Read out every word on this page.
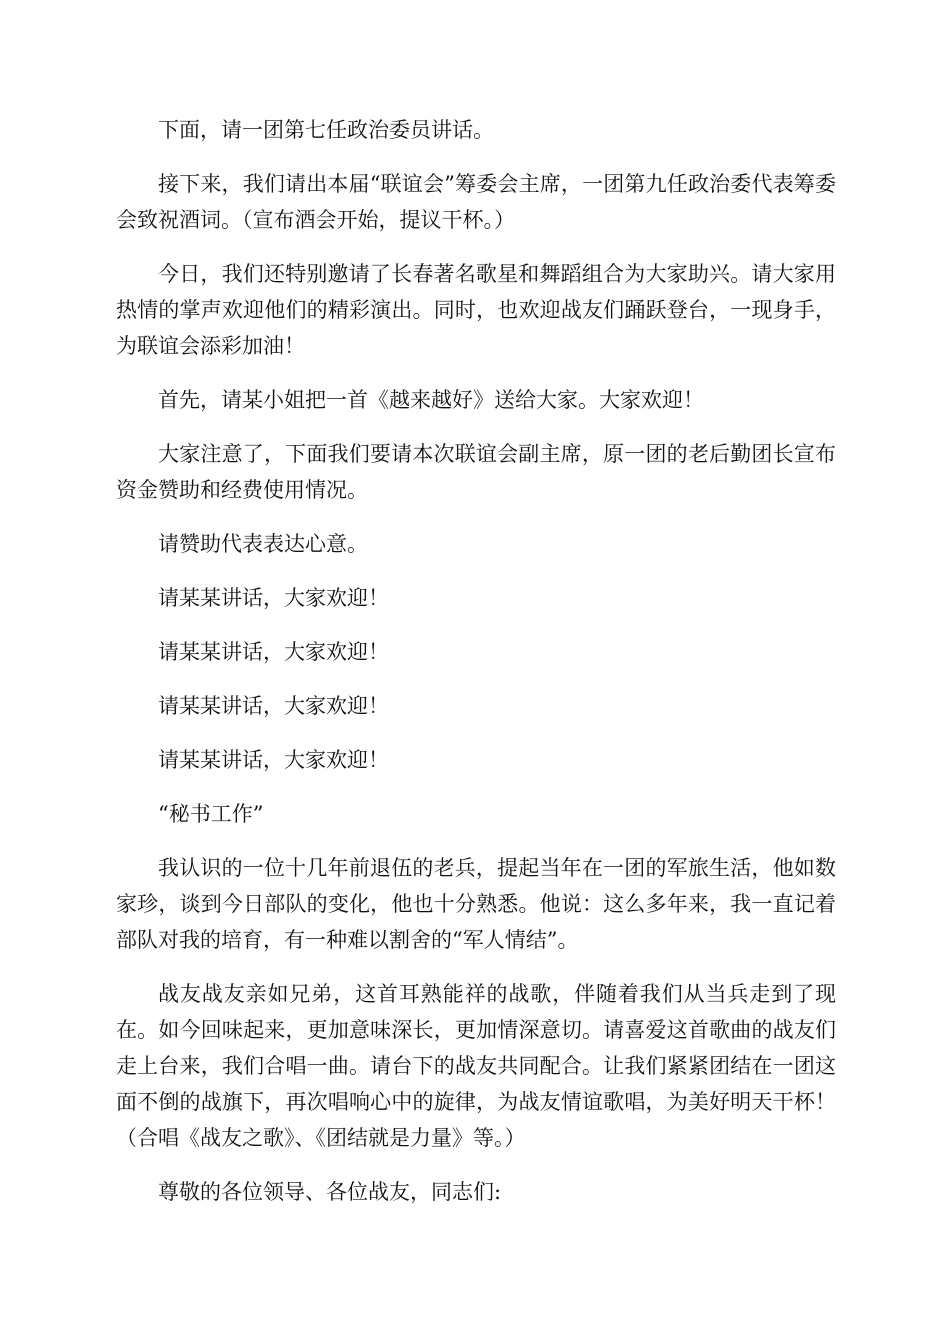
下面，请一团第七任政治委员讲话。

接下来，我们请出本届“联谊会”筹委会主席，一团第九任政治委代表筹委会致祝酒词。（宣布酒会开始，提议干杯。）

今日，我们还特别邀请了长春著名歌星和舞蹈组合为大家助兴。请大家用热情的掌声欢迎他们的精彩演出。同时，也欢迎战友们踊跃登台，一现身手，为联谊会添彩加油！

首先，请某小姐把一首《越来越好》送给大家。大家欢迎！

大家注意了，下面我们要请本次联谊会副主席，原一团的老后勤团长宣布资金赞助和经费使用情况。

请赞助代表表达心意。

请某某讲话，大家欢迎！

请某某讲话，大家欢迎！

请某某讲话，大家欢迎！

请某某讲话，大家欢迎！

“秘书工作”

我认识的一位十几年前退伍的老兵，提起当年在一团的军旅生活，他如数家珍，谈到今日部队的变化，他也十分熟悉。他说：这么多年来，我一直记着部队对我的培育，有一种难以割舍的“军人情结”。

战友战友亲如兄弟，这首耳熟能祥的战歌，伴随着我们从当兵走到了现在。如今回味起来，更加意味深长，更加情深意切。请喜爱这首歌曲的战友们走上台来，我们合唱一曲。请台下的战友共同配合。让我们紧紧团结在一团这面不倒的战旗下，再次唱响心中的旋律，为战友情谊歌唱，为美好明天干杯！（合唱《战友之歌》、《团结就是力量》等。）

尊敬的各位领导、各位战友，同志们:
